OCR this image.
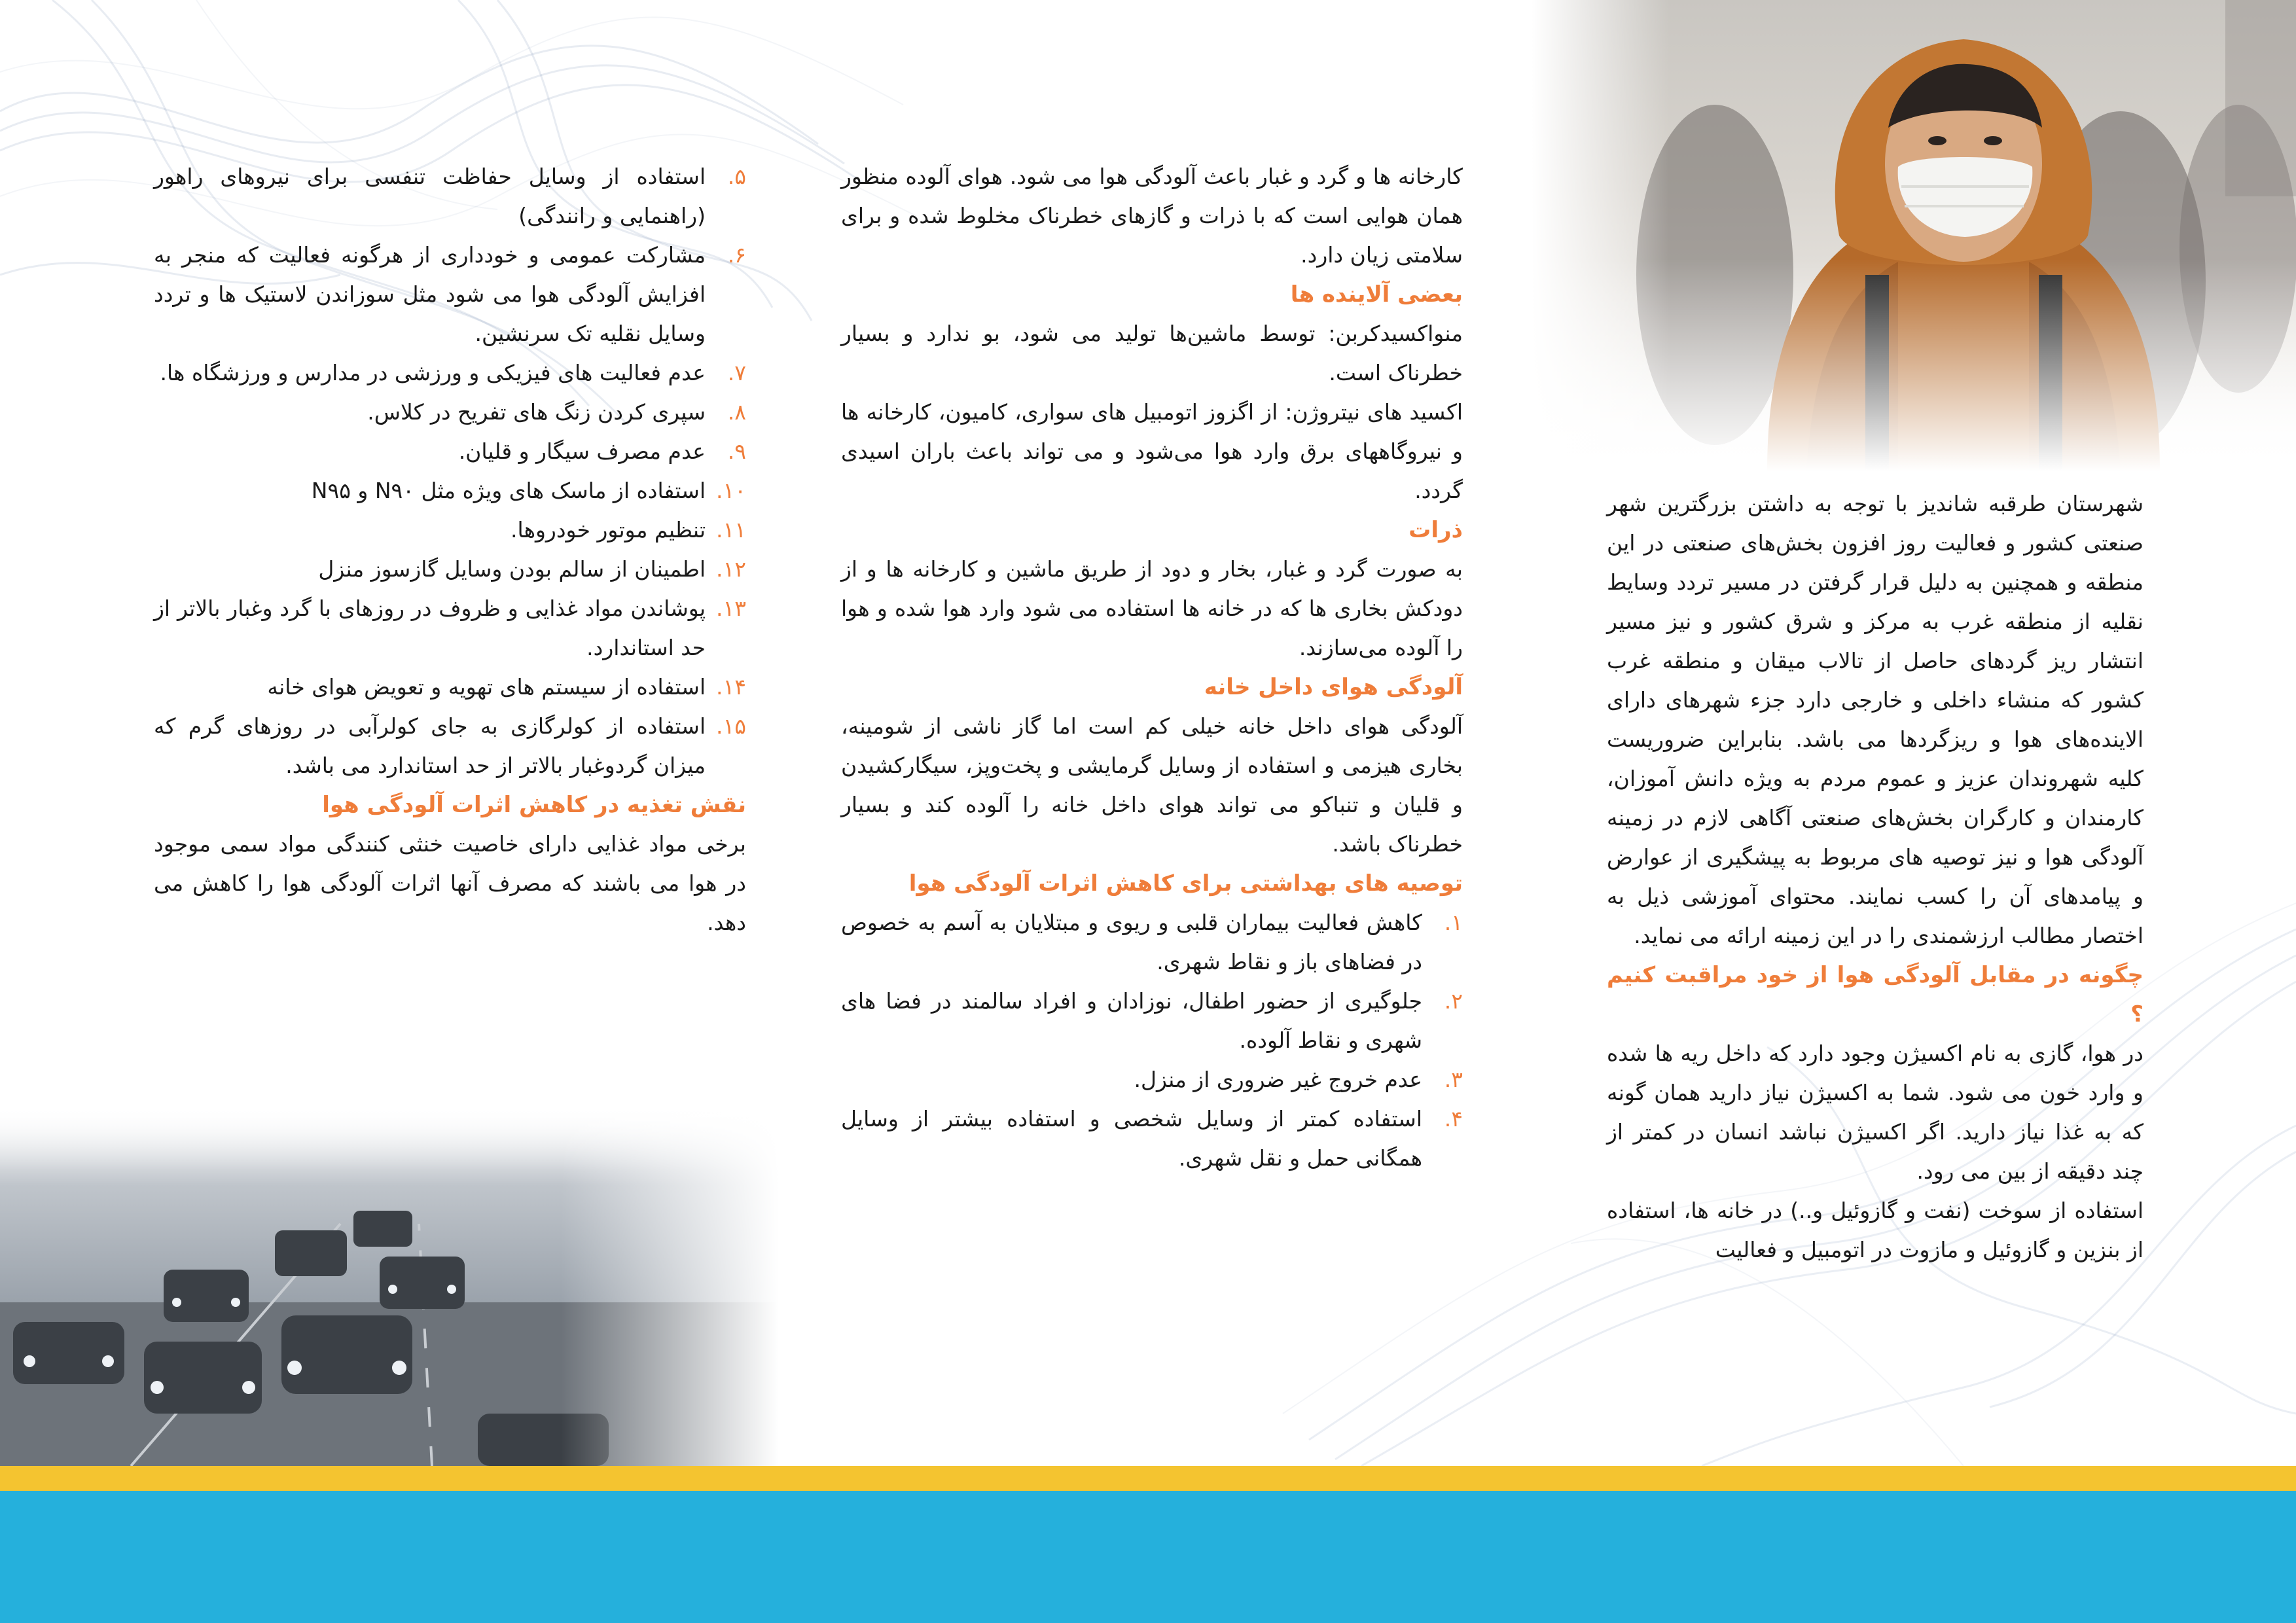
شهرستان طرقبه شاندیز با توجه به داشتن بزرگترین شهر صنعتی کشور و فعالیت روز افزون بخش‌های صنعتی در این منطقه و همچنین به دلیل قرار گرفتن در مسیر تردد وسایط نقلیه از منطقه غرب به مرکز و شرق کشور و نیز مسیر انتشار ریز گردهای حاصل از تالاب میقان و منطقه غرب کشور که منشاء داخلی و خارجی دارد جزء شهرهای دارای الاینده‌های هوا و ریزگردها می باشد. بنابراین ضروریست کلیه شهروندان عزیز و عموم مردم به ویژه دانش آموزان، کارمندان و کارگران بخش‌های صنعتی آگاهی لازم در زمینه آلودگی هوا و نیز توصیه های مربوط به پیشگیری از عوارض و پیامدهای آن را کسب نمایند. محتوای آموزشی ذیل به اختصار مطالب ارزشمندی را در این زمینه ارائه می نماید.

چگونه در مقابل آلودگی هوا از خود مراقبت کنیم ؟

در هوا، گازی به نام اکسیژن وجود دارد که داخل ریه ها شده و وارد خون می شود. شما به اکسیژن نیاز دارید همان گونه که به غذا نیاز دارید. اگر اکسیژن نباشد انسان در کمتر از چند دقیقه از بین می رود.

استفاده از سوخت (نفت و گازوئیل و..) در خانه ها، استفاده از بنزین و گازوئیل و مازوت در اتومبیل و فعالیت

کارخانه ها و گرد و غبار باعث آلودگی هوا می شود. هوای آلوده منظور همان هوایی است که با ذرات و گازهای خطرناک مخلوط شده و برای سلامتی زیان دارد.

بعضی آلاینده ها

منواکسیدکربن: توسط ماشین‌ها تولید می شود، بو ندارد و بسیار خطرناک است.

اکسید های نیتروژن: از اگزوز اتومبیل های سواری، کامیون، کارخانه ها و نیروگاههای برق وارد هوا می‌شود و می تواند باعث باران اسیدی گردد.

ذرات

به صورت گرد و غبار، بخار و دود از طریق ماشین و کارخانه ها و از دودکش بخاری ها که در خانه ها استفاده می شود وارد هوا شده و هوا را آلوده می‌سازند.

آلودگی هوای داخل خانه

آلودگی هوای داخل خانه خیلی کم است اما گاز ناشی از شومینه، بخاری هیزمی و استفاده از وسایل گرمایشی و پخت‌وپز، سیگارکشیدن و قلیان و تنباکو می‌ تواند هوای داخل خانه را آلوده کند و بسیار خطرناک باشد.

توصیه های بهداشتی برای کاهش اثرات آلودگی هوا

۱.
کاهش فعالیت بیماران قلبی و ریوی و مبتلایان به آسم به خصوص در فضاهای باز و نقاط شهری.
۲.
جلوگیری از حضور اطفال، نوزادان و افراد سالمند در فضا های شهری و نقاط آلوده.
۳.
عدم خروج غیر ضروری از منزل.
۴.
استفاده کمتر از وسایل شخصی و استفاده بیشتر از وسایل همگانی حمل و نقل شهری.
۵.
استفاده از وسایل حفاظت تنفسی برای نیروهای راهور (راهنمایی و رانندگی)
۶.
مشارکت عمومی و خودداری از هرگونه فعالیت که منجر به افزایش آلودگی هوا می شود مثل سوزاندن لاستیک ها و تردد وسایل نقلیه تک سرنشین.
۷.
عدم فعالیت های فیزیکی و ورزشی در مدارس و ورزشگاه ها.
۸.
سپری کردن زنگ های تفریح در کلاس.
۹.
عدم مصرف سیگار و قلیان.
۱۰.
استفاده از ماسک های ویژه مثل N۹۰ و N۹۵
۱۱.
تنظیم موتور خودروها.
۱۲.
اطمینان از سالم بودن وسایل گازسوز منزل
۱۳.
پوشاندن مواد غذایی و ظروف در روزهای با گرد وغبار بالاتر از حد استاندارد.
۱۴.
استفاده از سیستم های تهویه و تعویض هوای خانه
۱۵.
استفاده از کولرگازی به جای کولرآبی در روزهای گرم که میزان گردوغبار بالاتر از حد استاندارد می باشد.

نقش تغذیه در کاهش اثرات آلودگی هوا

برخی مواد غذایی دارای خاصیت خنثی کنندگی مواد سمی موجود در هوا می باشند که مصرف آنها اثرات آلودگی هوا را کاهش می دهد.
